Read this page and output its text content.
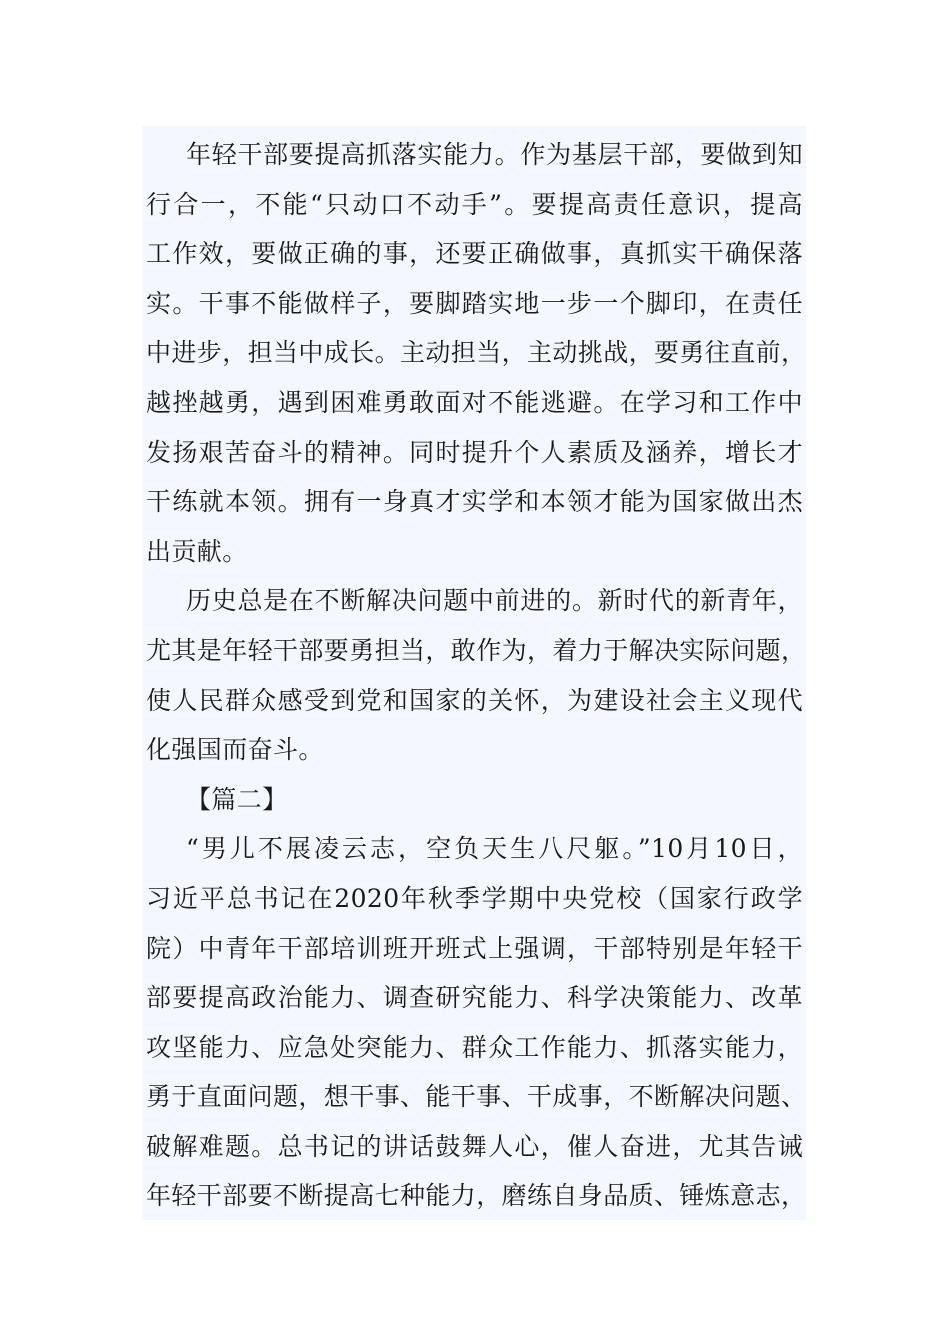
年轻干部要提高抓落实能力。作为基层干部，要做到知
行合一，不能“只动口不动手”。要提高责任意识，提高
工作效，要做正确的事，还要正确做事，真抓实干确保落
实。干事不能做样子，要脚踏实地一步一个脚印，在责任
中进步，担当中成长。主动担当，主动挑战，要勇往直前，
越挫越勇，遇到困难勇敢面对不能逃避。在学习和工作中
发扬艰苦奋斗的精神。同时提升个人素质及涵养，增长才
干练就本领。拥有一身真才实学和本领才能为国家做出杰
出贡献。
历史总是在不断解决问题中前进的。新时代的新青年，
尤其是年轻干部要勇担当，敢作为，着力于解决实际问题，
使人民群众感受到党和国家的关怀，为建设社会主义现代
化强国而奋斗。
【篇二】
“男儿不展凌云志，空负天生八尺躯。”10月10日，
习近平总书记在2020年秋季学期中央党校（国家行政学
院）中青年干部培训班开班式上强调，干部特别是年轻干
部要提高政治能力、调查研究能力、科学决策能力、改革
攻坚能力、应急处突能力、群众工作能力、抓落实能力，
勇于直面问题，想干事、能干事、干成事，不断解决问题、
破解难题。总书记的讲话鼓舞人心，催人奋进，尤其告诫
年轻干部要不断提高七种能力，磨练自身品质、锤炼意志，
